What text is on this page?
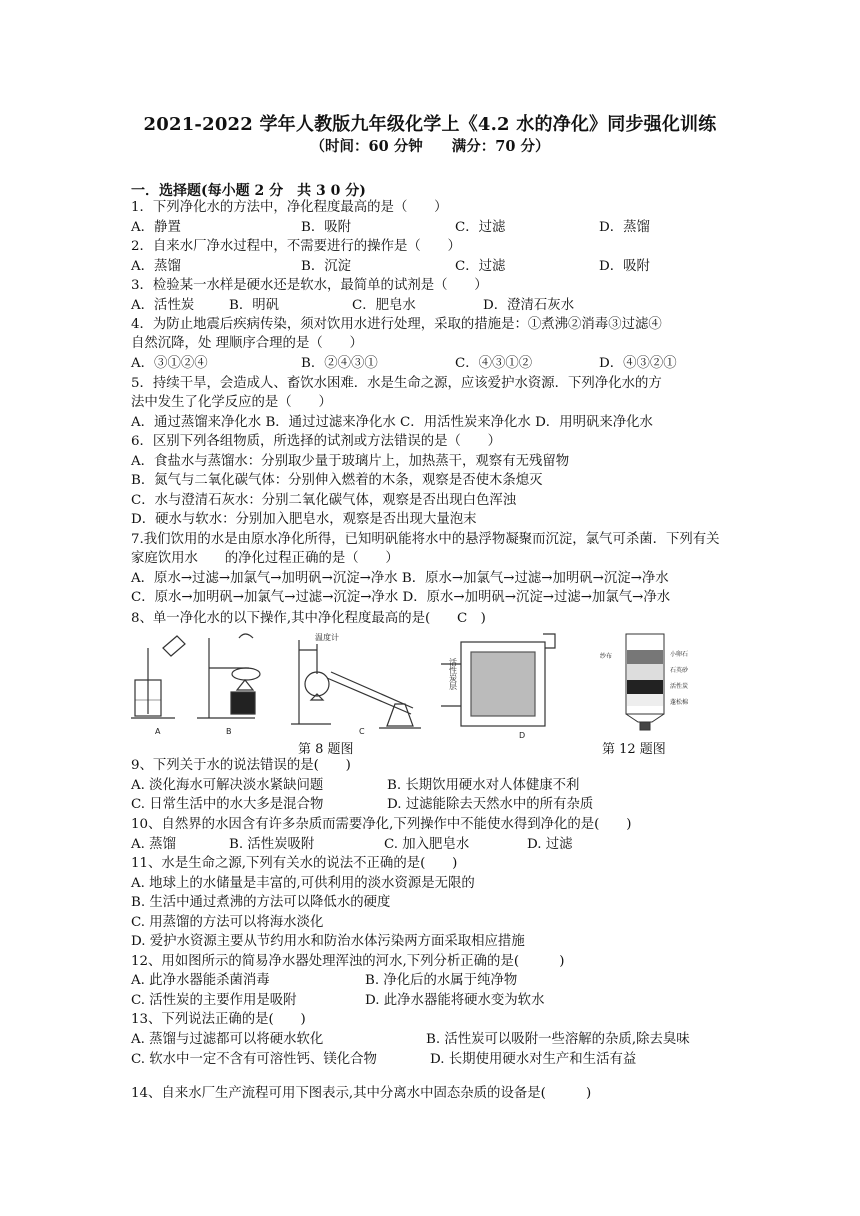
2021-2022 学年人教版九年级化学上《4.2 水的净化》同步强化训练
（时间：60 分钟 满分：70 分）
一．选择题(每小题 2 分　共 3 0 分)
1．下列净化水的方法中，净化程度最高的是（　　）
A．静置	B．吸附	C．过滤	D．蒸馏
2．自来水厂净水过程中，不需要进行的操作是（　　）
A．蒸馏	B．沉淀	C．过滤	D．吸附
3．检验某一水样是硬水还是软水，最简单的试剂是（　　）
A．活性炭	B．明矾	C．肥皂水	D．澄清石灰水
4．为防止地震后疾病传染，须对饮用水进行处理，采取的措施是：①煮沸②消毒③过滤④
自然沉降，处 理顺序合理的是（　　）
A．③①②④	B．②④③①	C．④③①②	D．④③②①
5．持续干旱，会造成人、畜饮水困难．水是生命之源，应该爱护水资源．下列净化水的方
法中发生了化学反应的是（　　）
A．通过蒸馏来净化水 B．通过过滤来净化水 C．用活性炭来净化水 D．用明矾来净化水
6．区别下列各组物质，所选择的试剂或方法错误的是（　　）
A．食盐水与蒸馏水：分别取少量于玻璃片上，加热蒸干，观察有无残留物
B．氮气与二氧化碳气体：分别伸入燃着的木条，观察是否使木条熄灭
C．水与澄清石灰水：分别二氧化碳气体，观察是否出现白色浑浊
D．硬水与软水：分别加入肥皂水，观察是否出现大量泡末
7.我们饮用的水是由原水净化所得，已知明矾能将水中的悬浮物凝聚而沉淀，氯气可杀菌．下列有关
家庭饮用水　　的净化过程正确的是（　　）
A．原水→过滤→加氯气→加明矾→沉淀→净水 B．原水→加氯气→过滤→加明矾→沉淀→净水
C．原水→加明矾→加氯气→过滤→沉淀→净水 D．原水→加明矾→沉淀→过滤→加氯气→净水
8、单一净化水的以下操作,其中净化程度最高的是(　　C　)
A	B
温度计
C
活性炭层
D
纱布	小卵石
石英砂
活性炭
蓬松棉
第 8 题图	第 12 题图
9、下列关于水的说法错误的是(　　)
A. 淡化海水可解决淡水紧缺问题	B. 长期饮用硬水对人体健康不利
C. 日常生活中的水大多是混合物	D. 过滤能除去天然水中的所有杂质
10、自然界的水因含有许多杂质而需要净化,下列操作中不能使水得到净化的是(　　)
A. 蒸馏	B. 活性炭吸附	C. 加入肥皂水	D. 过滤
11、水是生命之源,下列有关水的说法不正确的是(　　)
A. 地球上的水储量是丰富的,可供利用的淡水资源是无限的
B. 生活中通过煮沸的方法可以降低水的硬度
C. 用蒸馏的方法可以将海水淡化
D. 爱护水资源主要从节约用水和防治水体污染两方面采取相应措施
12、用如图所示的简易净水器处理浑浊的河水,下列分析正确的是(　　　)
A. 此净水器能杀菌消毒	B. 净化后的水属于纯净物
C. 活性炭的主要作用是吸附	D. 此净水器能将硬水变为软水
13、下列说法正确的是(　　)
A. 蒸馏与过滤都可以将硬水软化	B. 活性炭可以吸附一些溶解的杂质,除去臭味
C. 软水中一定不含有可溶性钙、镁化合物	D. 长期使用硬水对生产和生活有益
14、自来水厂生产流程可用下图表示,其中分离水中固态杂质的设备是(　　　)
